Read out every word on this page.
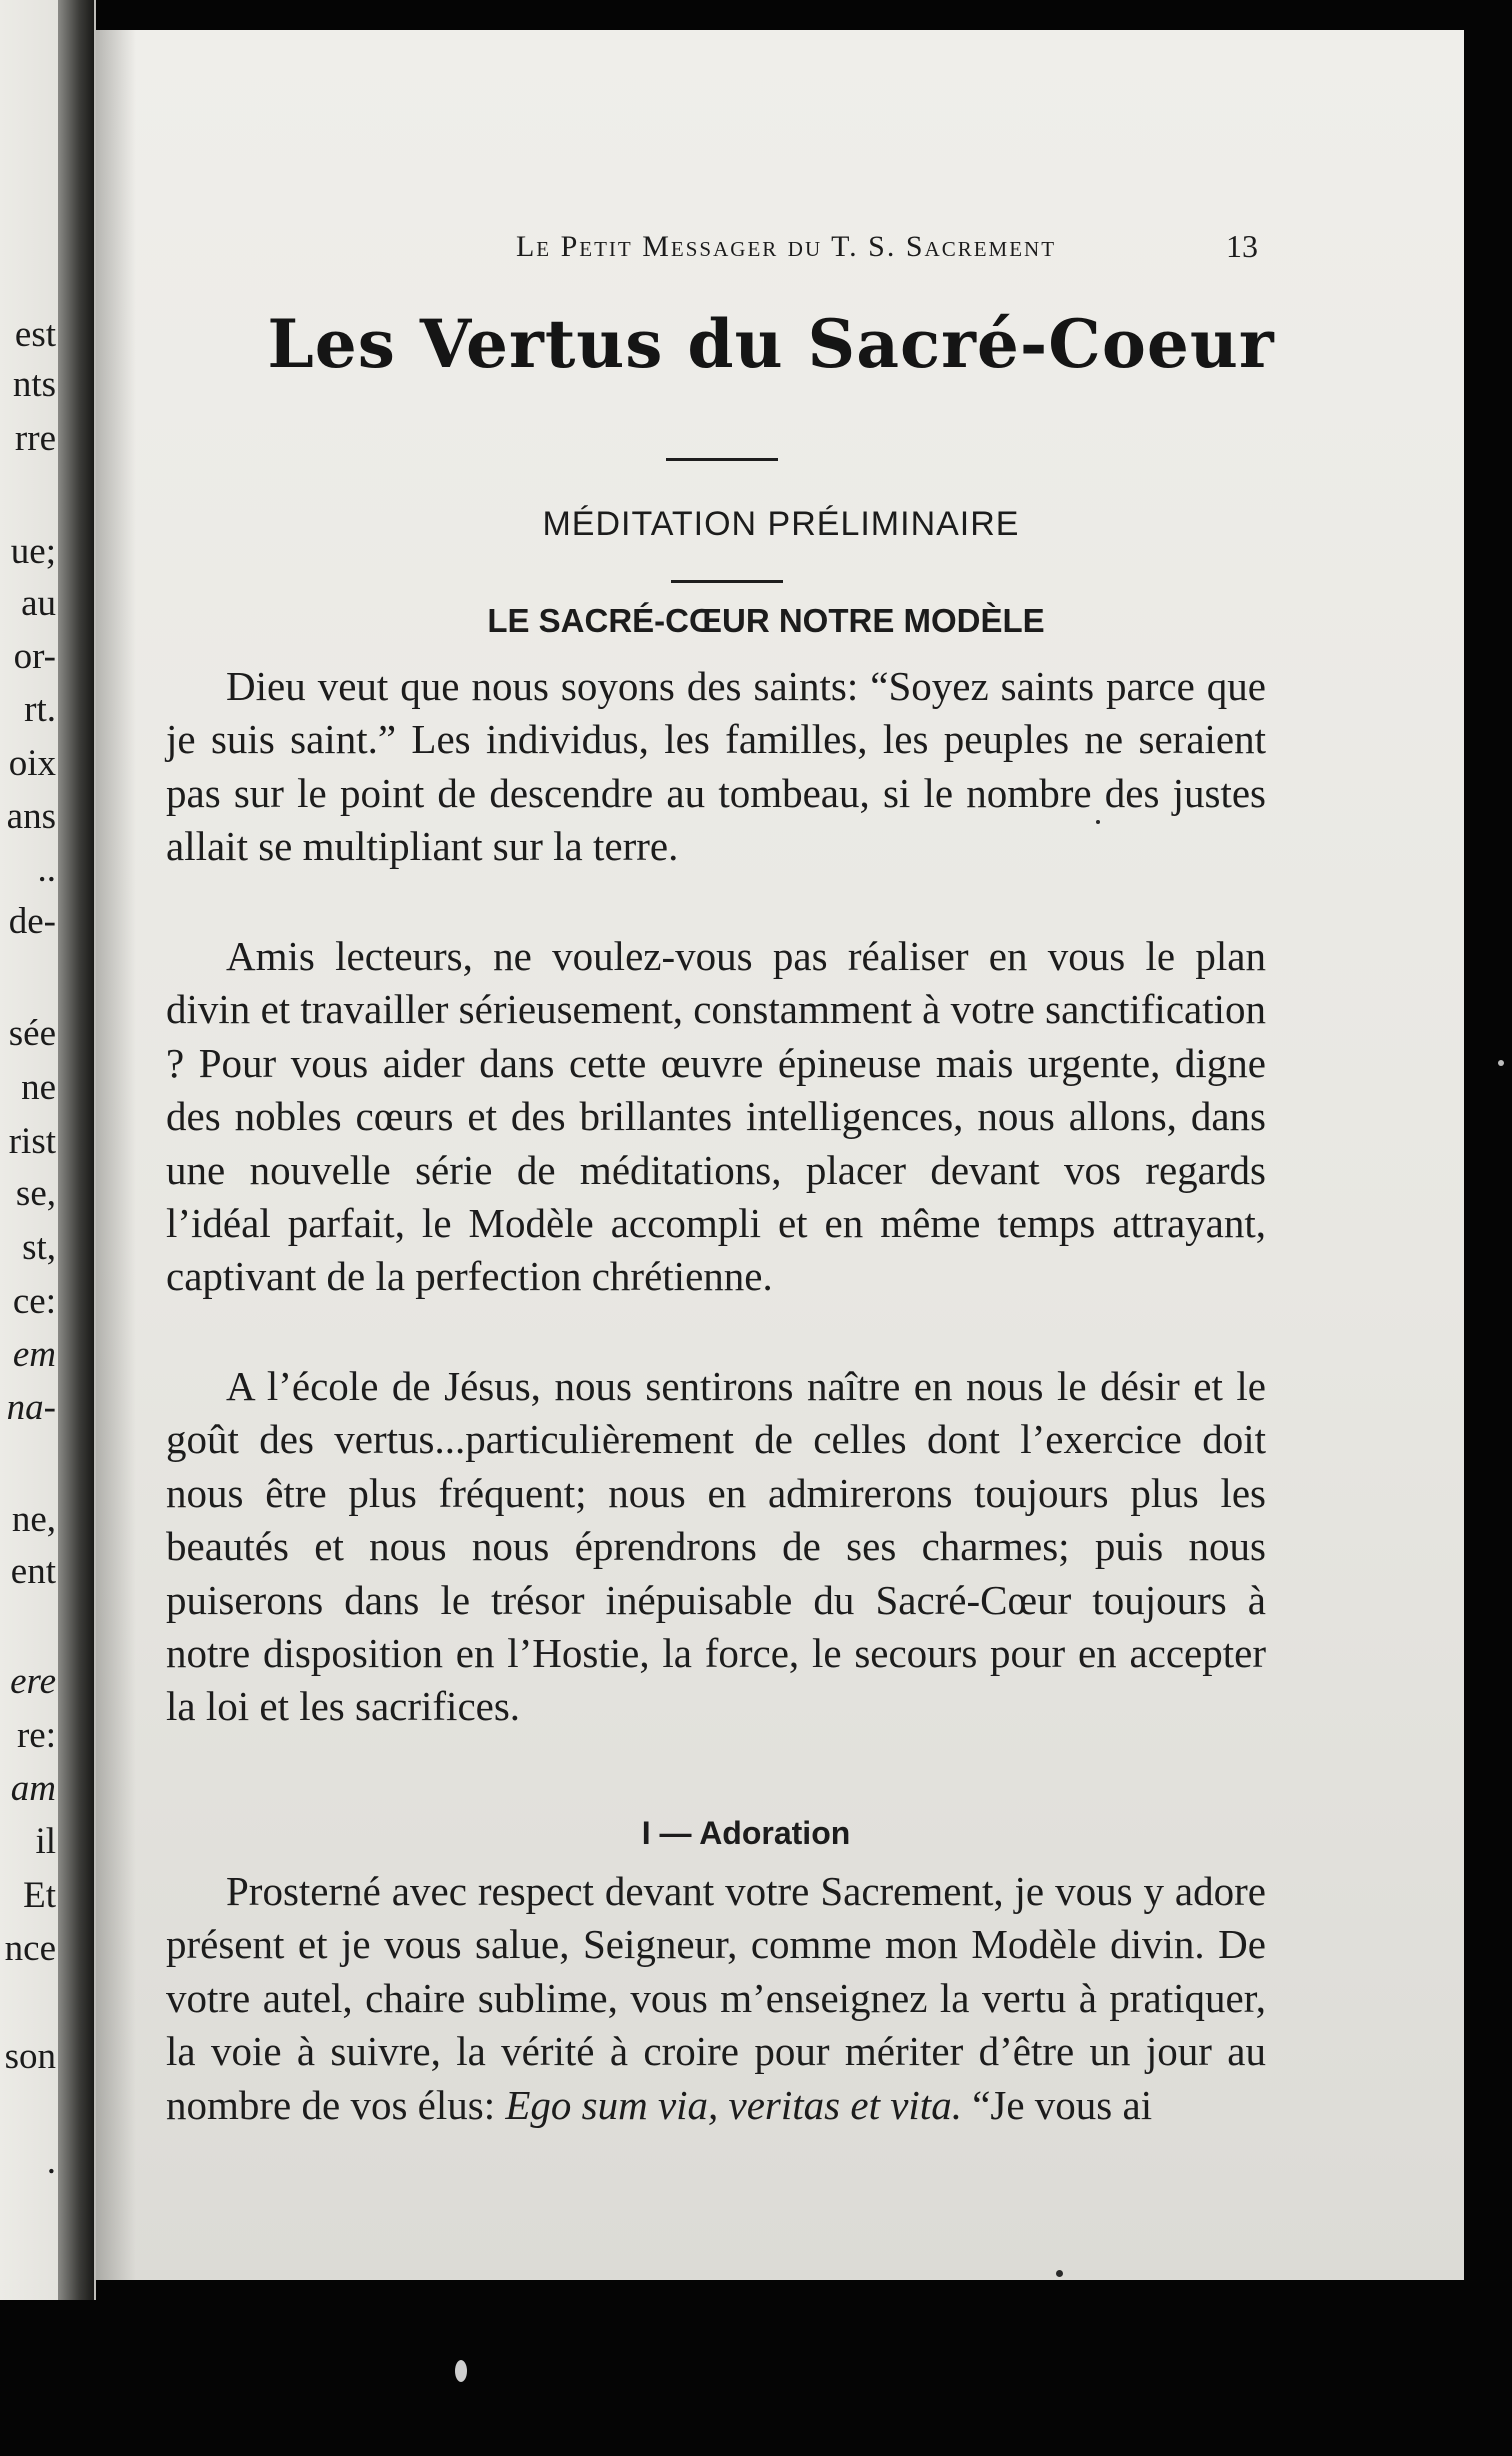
est
nts
rre
ue;
au
or-
rt.
oix
ans
..
de-
sée
ne
rist
se,
st,
ce:
em
na-
ne,
ent
ere
re:
am
il
Et
nce
son
.
Le Petit Messager du T. S. Sacrement	13
Les Vertus du Sacré-Coeur
MÉDITATION PRÉLIMINAIRE
LE SACRÉ-CŒUR NOTRE MODÈLE

Dieu veut que nous soyons des saints: “Soyez saints parce que je suis saint.” Les individus, les familles, les peuples ne seraient pas sur le point de descendre au tombeau, si le nombre des justes allait se multipliant sur la terre.

Amis lecteurs, ne voulez-vous pas réaliser en vous le plan divin et travailler sérieusement, constamment à votre sanctification ? Pour vous aider dans cette œuvre épineuse mais urgente, digne des nobles cœurs et des brillantes intelligences, nous allons, dans une nouvelle série de méditations, placer devant vos regards l’idéal parfait, le Modèle accompli et en même temps attrayant, captivant de la perfection chrétienne.

A l’école de Jésus, nous sentirons naître en nous le désir et le goût des vertus...particulièrement de celles dont l’exercice doit nous être plus fréquent; nous en admirerons toujours plus les beautés et nous nous éprendrons de ses charmes; puis nous puiserons dans le trésor inépuisable du Sacré-Cœur toujours à notre disposition en l’Hostie, la force, le secours pour en accepter la loi et les sacrifices.

I — Adoration

Prosterné avec respect devant votre Sacrement, je vous y adore présent et je vous salue, Seigneur, comme mon Modèle divin. De votre autel, chaire sublime, vous m’enseignez la vertu à pratiquer, la voie à suivre, la vérité à croire pour mériter d’être un jour au nombre de vos élus: Ego sum via, veritas et vita. “Je vous ai
